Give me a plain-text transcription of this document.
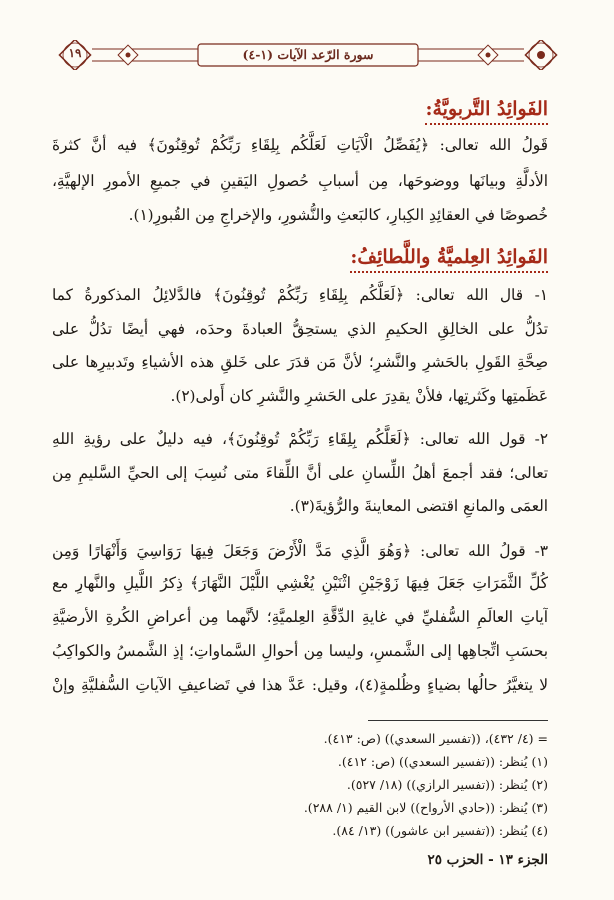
١٩	سورة الرّعد الآيات (١-٤)
الفَوائِدُ التَّربويَّةُ:
قَولُ الله تعالى: ﴿يُفَصِّلُ الْآيَاتِ لَعَلَّكُم بِلِقَاءِ رَبِّكُمْ تُوقِنُونَ﴾ فيه أنَّ كثرةَ
الأدلَّةِ وبيانَها ووضوحَها، مِن أسبابِ حُصولِ اليَقينِ في جميعِ الأمورِ الإلهيَّةِ،
خُصوصًا في العقائِدِ الكِبارِ، كالبَعثِ والنُّشورِ، والإخراجِ مِن القُبورِ(١).
الفَوائِدُ العِلميَّةُ واللَّطائِفُ:
١- قال الله تعالى: ﴿لَعَلَّكُم بِلِقَاءِ رَبِّكُمْ تُوقِنُونَ﴾ فالدَّلائِلُ المذكورةُ كما
تدُلُّ على الخالِقِ الحكيمِ الذي يستحِقُّ العبادةَ وحدَه، فهي أيضًا تدُلُّ على
صِحَّةِ القَولِ بالحَشرِ والنَّشرِ؛ لأنَّ مَن قدَرَ على خَلقِ هذه الأشياءِ وتَدبيرِها على
عَظَمتِها وكَثرتِها، فلأنْ يقدِرَ على الحَشرِ والنَّشرِ كان أَولى(٢).
٢- قول الله تعالى: ﴿لَعَلَّكُم بِلِقَاءِ رَبِّكُمْ تُوقِنُونَ﴾، فيه دليلٌ على رؤيةِ اللهِ
تعالى؛ فقد أجمعَ أهلُ اللِّسانِ على أنَّ اللِّقاءَ متى نُسِبَ إلى الحيِّ السَّليمِ مِن
العمَى والمانعِ اقتضى المعاينةَ والرُّؤيةَ(٣).
٣- قولُ الله تعالى: ﴿وَهُوَ الَّذِي مَدَّ الْأَرْضَ وَجَعَلَ فِيهَا رَوَاسِيَ وَأَنْهَارًا وَمِن
كُلِّ الثَّمَرَاتِ جَعَلَ فِيهَا زَوْجَيْنِ اثْنَيْنِ يُغْشِي اللَّيْلَ النَّهَارَ﴾ ذِكرُ اللَّيلِ والنَّهارِ مع
آياتِ العالَمِ السُّفليِّ في غايةِ الدِّقَّةِ العِلميَّةِ؛ لأنَّهما مِن أعراضِ الكُرةِ الأرضيَّةِ
بحسَبِ اتِّجاهِها إلى الشَّمسِ، وليسا مِن أحوالِ السَّماواتِ؛ إذِ الشَّمسُ والكواكِبُ
لا يتغيَّرُ حالُها بضياءٍ وظُلمةٍ(٤)، وقيل: عَدَّ هذا في تَضاعيفِ الآياتِ السُّفليَّةِ وإنْ
= (٤/ ٤٣٢)، ((تفسير السعدي)) (ص: ٤١٣).
(١) يُنظر: ((تفسير السعدي)) (ص: ٤١٢).
(٢) يُنظر: ((تفسير الرازي)) (١٨/ ٥٢٧).
(٣) يُنظر: ((حادي الأرواح)) لابن القيم (١/ ٢٨٨).
(٤) يُنظر: ((تفسير ابن عاشور)) (١٣/ ٨٤).
الجزء ١٣ - الحزب ٢٥
